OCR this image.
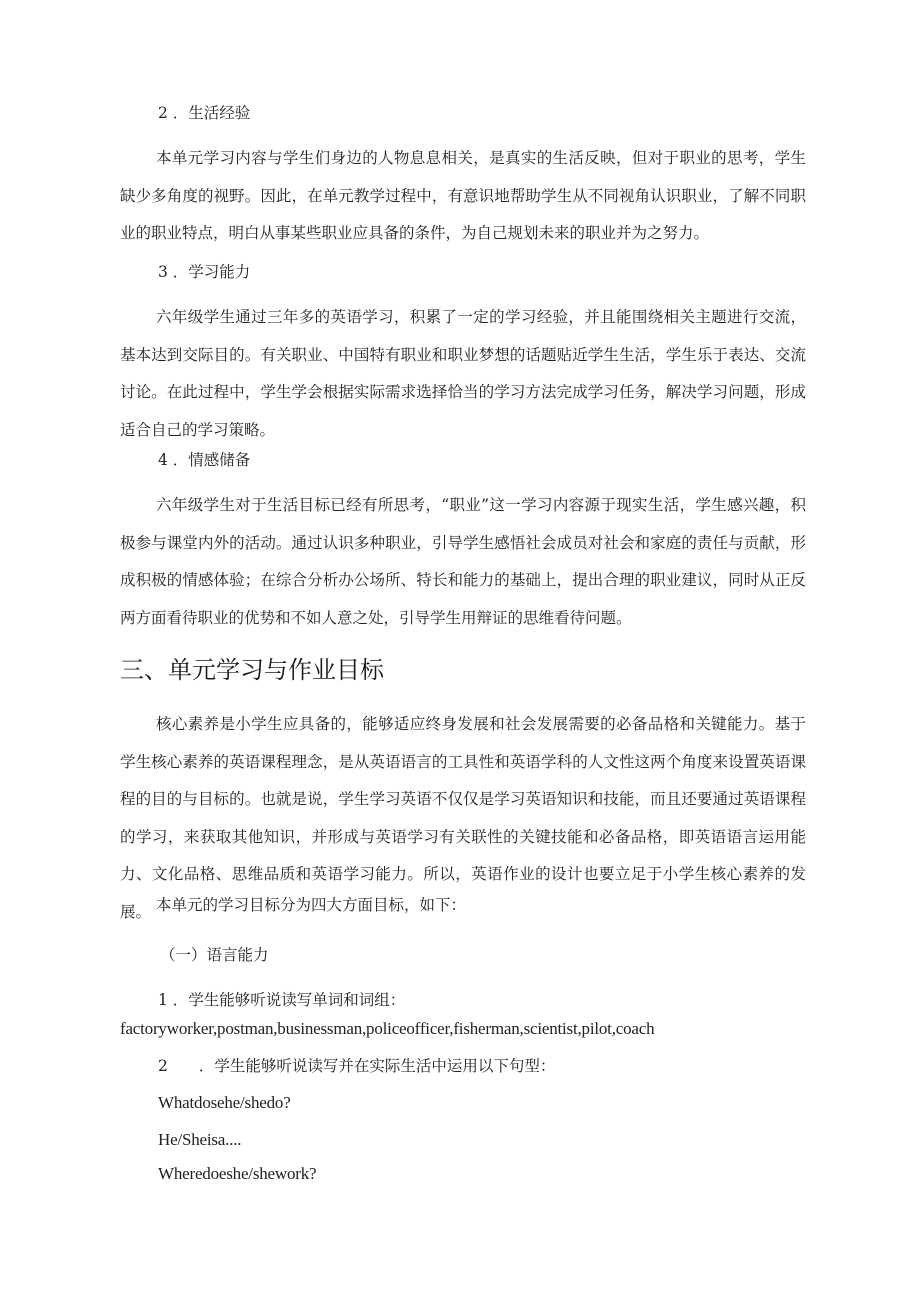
2 ．生活经验
本单元学习内容与学生们身边的人物息息相关，是真实的生活反映，但对于职业的思考，学生缺少多角度的视野。因此，在单元教学过程中，有意识地帮助学生从不同视角认识职业，了解不同职业的职业特点，明白从事某些职业应具备的条件，为自己规划未来的职业并为之努力。
3 ．学习能力
六年级学生通过三年多的英语学习，积累了一定的学习经验，并且能围绕相关主题进行交流，基本达到交际目的。有关职业、中国特有职业和职业梦想的话题贴近学生生活，学生乐于表达、交流讨论。在此过程中，学生学会根据实际需求选择恰当的学习方法完成学习任务，解决学习问题，形成适合自己的学习策略。
4 ．情感储备
六年级学生对于生活目标已经有所思考，“职业”这一学习内容源于现实生活，学生感兴趣，积极参与课堂内外的活动。通过认识多种职业，引导学生感悟社会成员对社会和家庭的责任与贡献，形成积极的情感体验；在综合分析办公场所、特长和能力的基础上，提出合理的职业建议，同时从正反两方面看待职业的优势和不如人意之处，引导学生用辩证的思维看待问题。
三、单元学习与作业目标
核心素养是小学生应具备的，能够适应终身发展和社会发展需要的必备品格和关键能力。基于学生核心素养的英语课程理念，是从英语语言的工具性和英语学科的人文性这两个角度来设置英语课程的目的与目标的。也就是说，学生学习英语不仅仅是学习英语知识和技能，而且还要通过英语课程的学习，来获取其他知识，并形成与英语学习有关联性的关键技能和必备品格，即英语语言运用能力、文化品格、思维品质和英语学习能力。所以，英语作业的设计也要立足于小学生核心素养的发展。 本单元的学习目标分为四大方面目标，如下：
（一）语言能力
1 ．学生能够听说读写单词和词组：
factoryworker,postman,businessman,policeofficer,fisherman,scientist,pilot,coach
2　　．学生能够听说读写并在实际生活中运用以下句型：
Whatdosehe/shedo?
He/Sheisa....
Wheredoeshe/shework?
